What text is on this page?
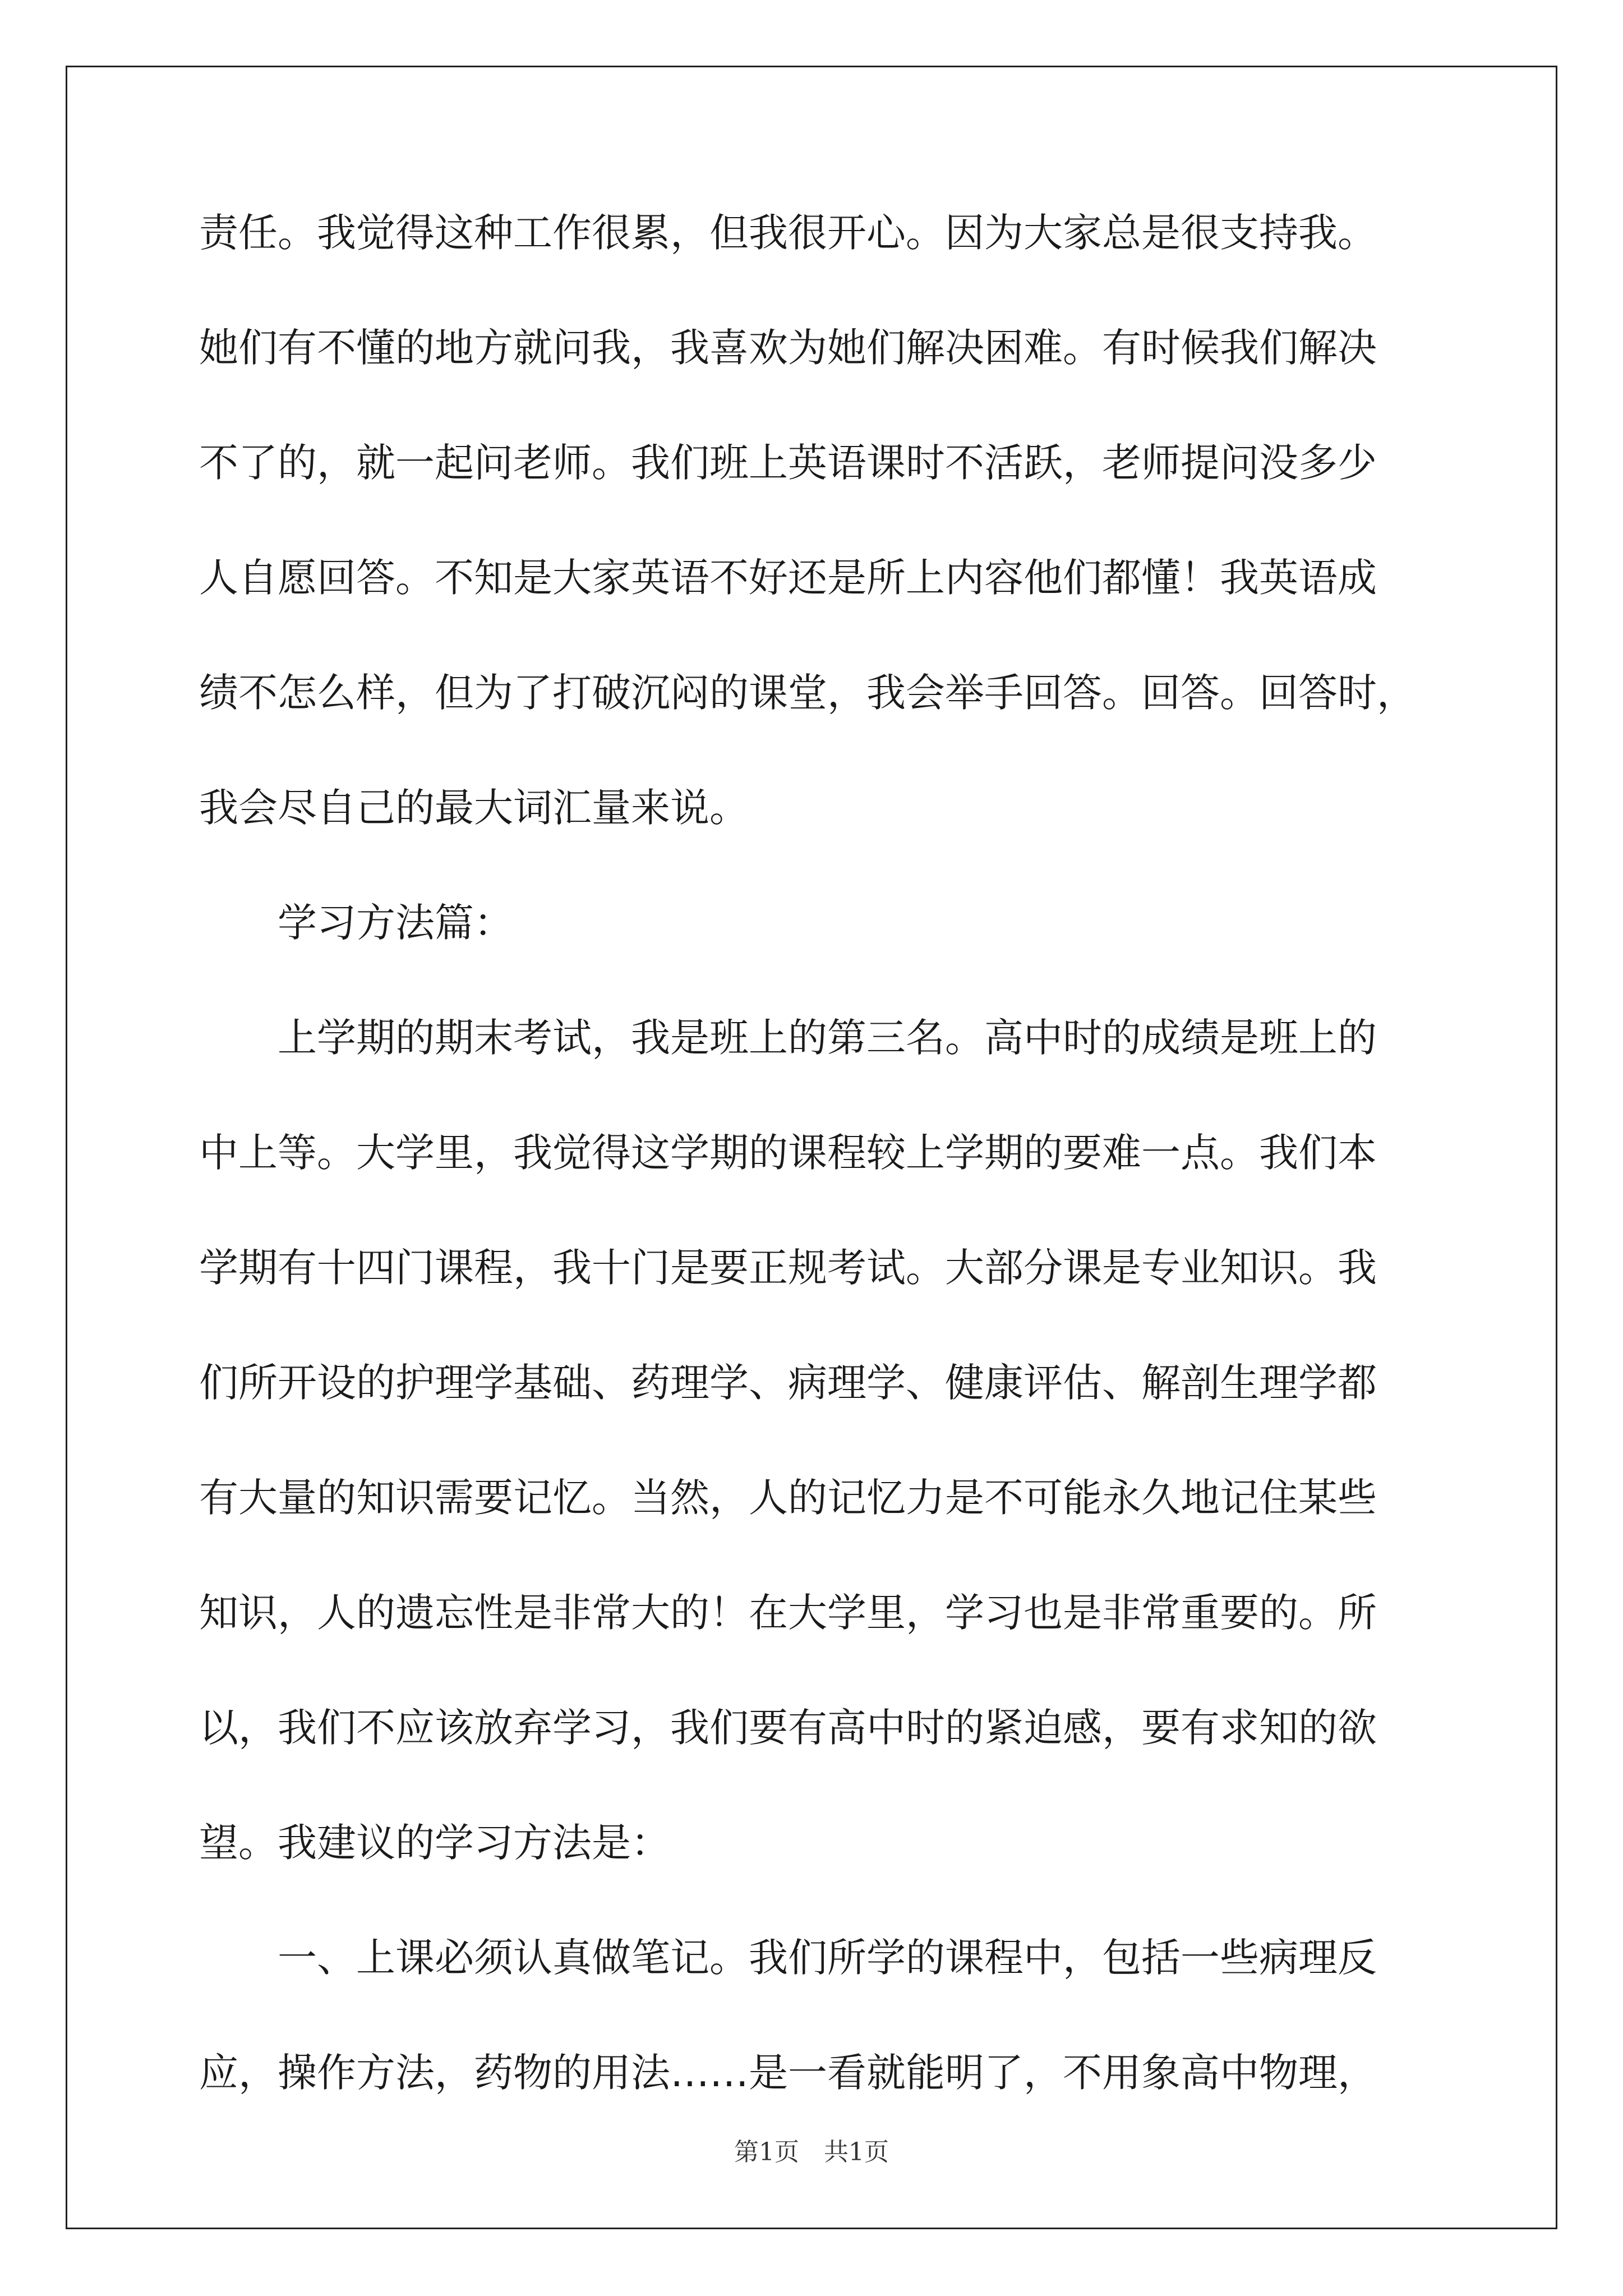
责任。我觉得这种工作很累，但我很开心。因为大家总是很支持我。
她们有不懂的地方就问我，我喜欢为她们解决困难。有时候我们解决
不了的，就一起问老师。我们班上英语课时不活跃，老师提问没多少
人自愿回答。不知是大家英语不好还是所上内容他们都懂！我英语成
绩不怎么样，但为了打破沉闷的课堂，我会举手回答。回答。回答时，
我会尽自己的最大词汇量来说。
学习方法篇：
上学期的期末考试，我是班上的第三名。高中时的成绩是班上的
中上等。大学里，我觉得这学期的课程较上学期的要难一点。我们本
学期有十四门课程，我十门是要正规考试。大部分课是专业知识。我
们所开设的护理学基础、药理学、病理学、健康评估、解剖生理学都
有大量的知识需要记忆。当然，人的记忆力是不可能永久地记住某些
知识，人的遗忘性是非常大的！在大学里，学习也是非常重要的。所
以，我们不应该放弃学习，我们要有高中时的紧迫感，要有求知的欲
望。我建议的学习方法是：
一、上课必须认真做笔记。我们所学的课程中，包括一些病理反
应，操作方法，药物的用法……是一看就能明了，不用象高中物理，
第1页　共1页
